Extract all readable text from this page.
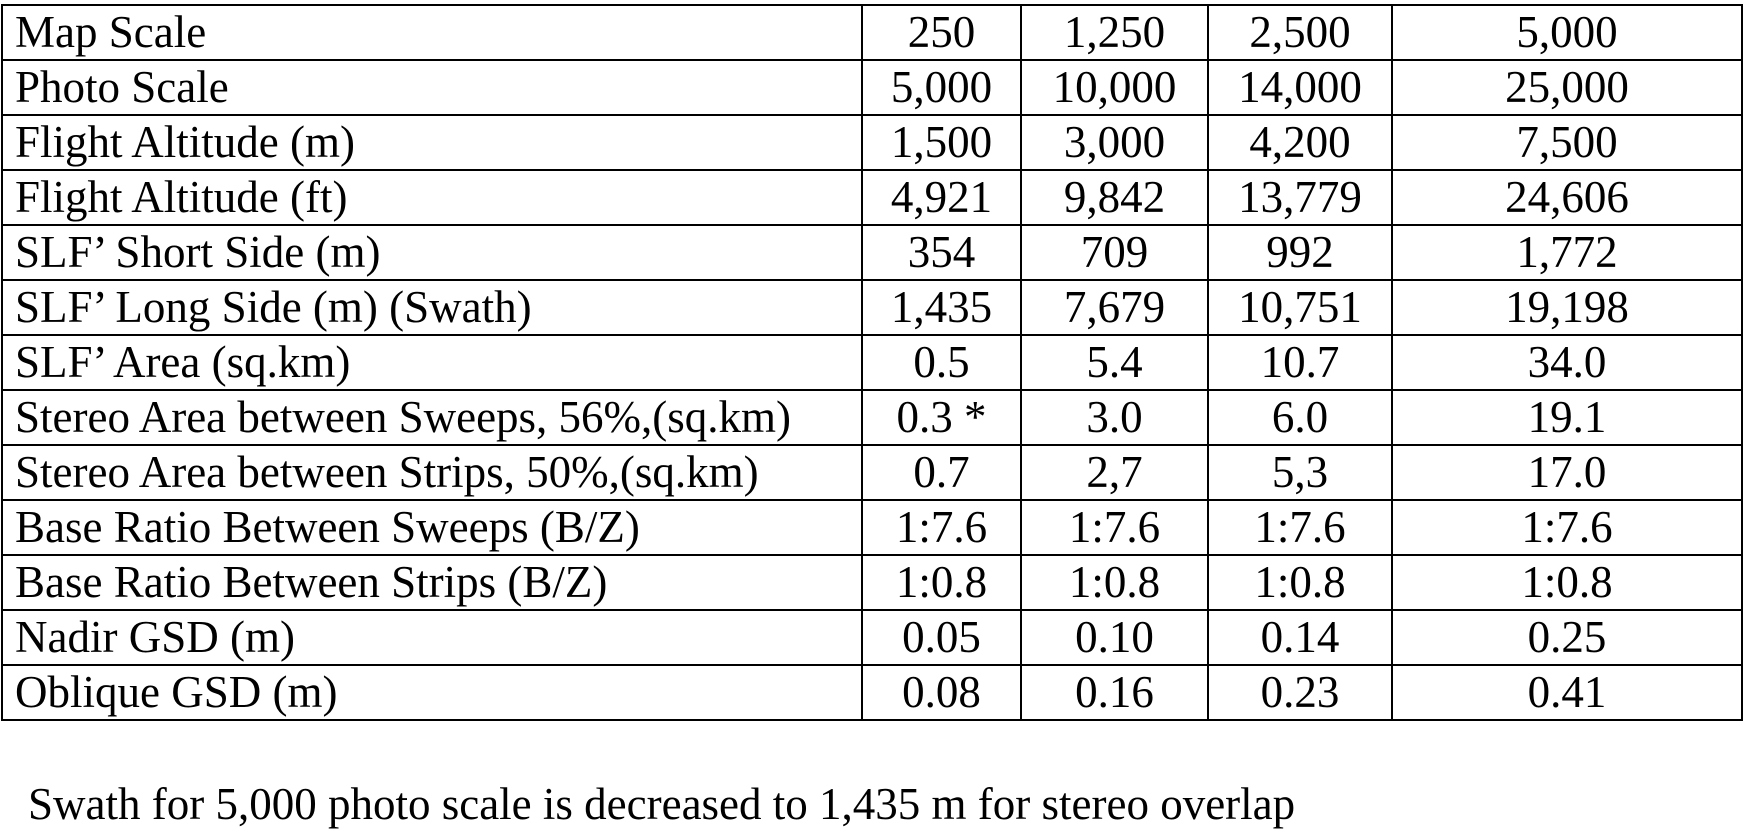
Map Scale	250	1,250	2,500	5,000
Photo Scale	5,000	10,000	14,000	25,000
Flight Altitude (m)	1,500	3,000	4,200	7,500
Flight Altitude (ft)	4,921	9,842	13,779	24,606
SLF’ Short Side (m)	354	709	992	1,772
SLF’ Long Side (m) (Swath)	1,435	7,679	10,751	19,198
SLF’ Area (sq.km)	0.5	5.4	10.7	34.0
Stereo Area between Sweeps, 56%,(sq.km)	0.3 *	3.0	6.0	19.1
Stereo Area between Strips, 50%,(sq.km)	0.7	2,7	5,3	17.0
Base Ratio Between Sweeps (B/Z)	1:7.6	1:7.6	1:7.6	1:7.6
Base Ratio Between Strips (B/Z)	1:0.8	1:0.8	1:0.8	1:0.8
Nadir GSD (m)	0.05	0.10	0.14	0.25
Oblique GSD (m)	0.08	0.16	0.23	0.41
Swath for 5,000 photo scale is decreased to 1,435 m for stereo overlap
